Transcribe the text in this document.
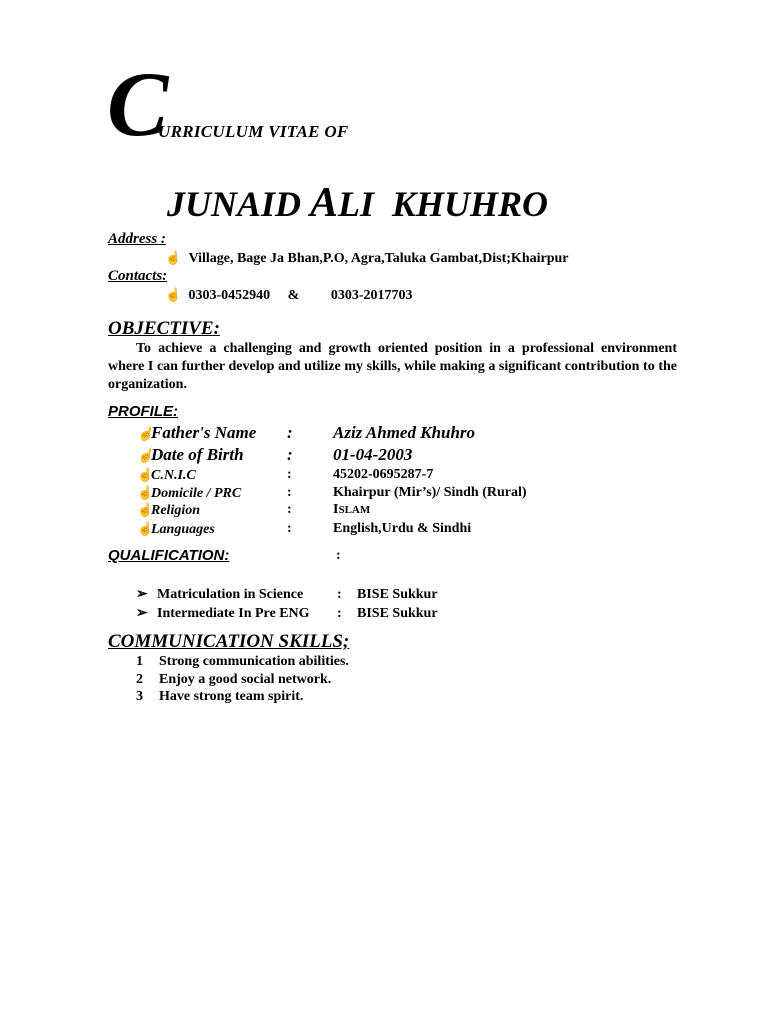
C
URRICULUM VITAE OF
JUNAID ALI KHUHRO
Address :
☝ Village, Bage Ja Bhan,P.O, Agra,Taluka Gambat,Dist;Khairpur
Contacts:
☝ 0303-0452940 & 0303-2017703
OBJECTIVE:
To achieve a challenging and growth oriented position in a professional environment where I can further develop and utilize my skills, while making a significant contribution to the organization.
PROFILE:
☝Father's Name : Aziz Ahmed Khuhro
☝Date of Birth	: 01-04-2003
☝C.N.I.C	:	45202-0695287-7
☝Domicile / PRC	:	Khairpur (Mir’s)/ Sindh (Rural)
☝Religion	:	ISLAM
☝Languages	:	English,Urdu & Sindhi
QUALIFICATION:	:
➢ Matriculation in Science : BISE Sukkur
➢ Intermediate In Pre ENG : BISE Sukkur
COMMUNICATION SKILLS;
1 Strong communication abilities.
2 Enjoy a good social network.
3 Have strong team spirit.
